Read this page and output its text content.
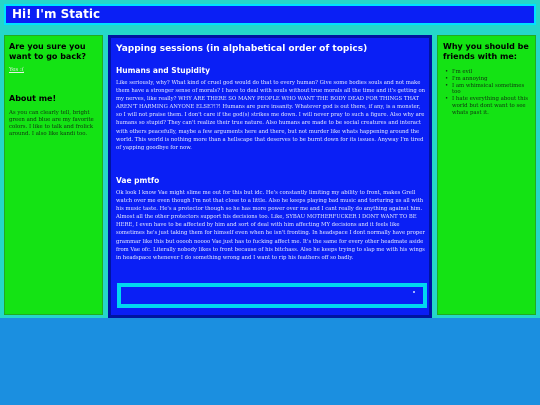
Hi! I'm Static
Are you sure you want to go back?
Yes :(
About me!
As you can clearly tell, bright green and blue are my favorite colors. I like to talk and frolick around. I also like kandi too.
Yapping sessions (in alphabetical order of topics)
Humans and Stupidity

Like seriously, why? What kind of cruel god would do that to every human? Give some bodies souls and not make them have a stronger sense of morals? I have to deal with souls without true morals all the time and it's getting on my nerves, like really? WHY ARE THERE SO MANY PEOPLE WHO WANT THE BODY DEAD FOR THINGS THAT AREN'T HARMING ANYONE ELSE?!?! Humans are pure insanity. Whatever god is out there, if any, is a monster, so I will not praise them. I don't care if the god(s) strikes me down. I will never pray to such a figure. Also why are humans so stupid? They can't realize their true nature. Also humans are made to be social creatures and interact with others peacefully, maybe a few arguments here and there, but not murder like whats happening around the world. This world is nothing more than a hellscape that deserves to be burnt down for its issues. Anyway I'm tired of yapping goodbye for now.

Vae pmtfo

Ok look I know Vae might slime me out for this but idc. He's constantly limiting my ability to front, makes Grell watch over me even though I'm not that close to a little. Also he keeps playing bad music and torturing us all with his music taste. He's a protector though so he has more power over me and I cant really do anything against him. Almost all the other protectors support his decisions too. Like, SYBAU MOTHERFUCKER I DONT WANT TO BE HERE, I even have to be affected by him and sort of deal with him affecting MY decisions and it feels like sometimes he's just taking them for himself even when he isn't fronting. In headspace I dont normally have proper grammar like this but ooooh noooo Vae just has to fucking affect me. It's the same for every other headmate aside from Vae ofc. Literally nobody likes to front because of his bitchass. Also he keeps trying to slap me with his wings in headspace whenever I do something wrong and I want to rip his feathers off so badly.

Why you should be friends with me:
• I'm evil
• I'm annoying
• I am whimsical sometimes too
• I hate everything about this world but dont want to see whats past it.
